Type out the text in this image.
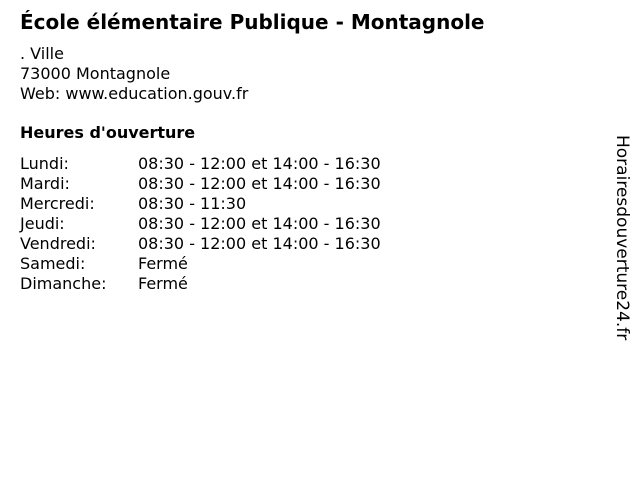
École élémentaire Publique - Montagnole
. Ville
73000 Montagnole
Web: www.education.gouv.fr
Heures d'ouverture
Lundi:	08:30 - 12:00 et 14:00 - 16:30
Mardi:	08:30 - 12:00 et 14:00 - 16:30
Mercredi:	08:30 - 11:30
Jeudi:	08:30 - 12:00 et 14:00 - 16:30
Vendredi:	08:30 - 12:00 et 14:00 - 16:30
Samedi:	Fermé
Dimanche:	Fermé	Horairesdouverture24.fr
